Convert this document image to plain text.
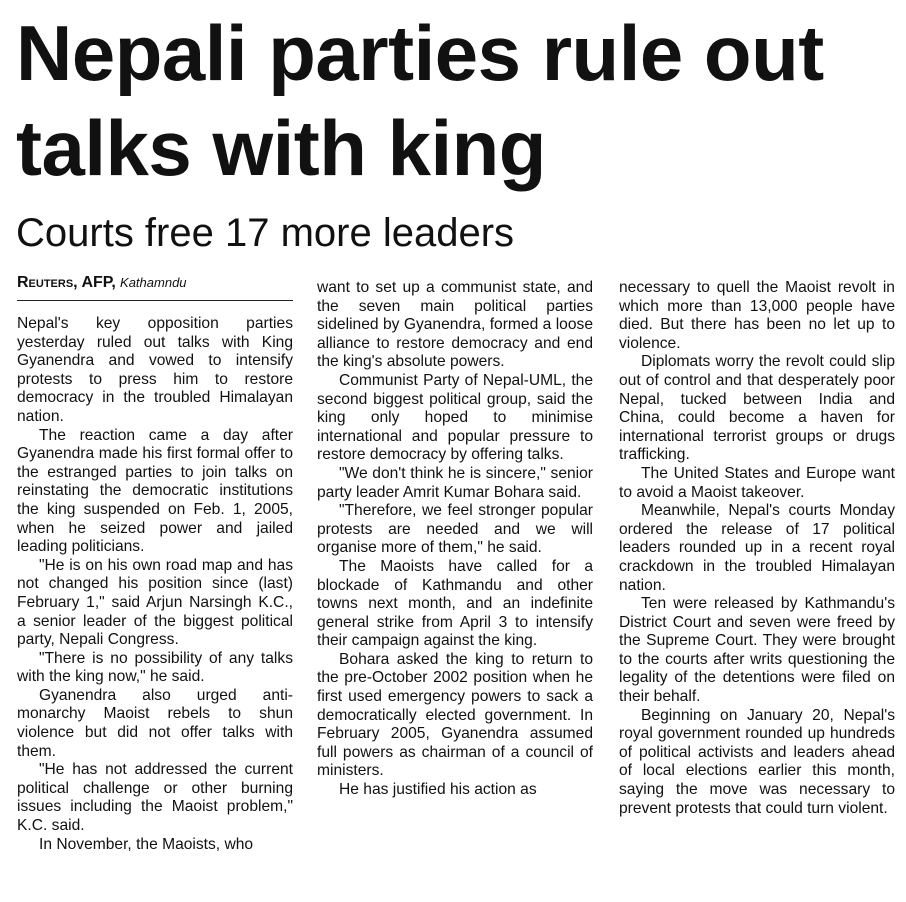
Nepali parties rule out talks with king
Courts free 17 more leaders
Reuters, AFP, Kathamndu

Nepal's key opposition parties yesterday ruled out talks with King Gyanendra and vowed to intensify protests to press him to restore democracy in the troubled Himalayan nation.

The reaction came a day after Gyanendra made his first formal offer to the estranged parties to join talks on reinstating the democratic institutions the king suspended on Feb. 1, 2005, when he seized power and jailed leading politicians.

"He is on his own road map and has not changed his position since (last) February 1," said Arjun Narsingh K.C., a senior leader of the biggest political party, Nepali Congress.

"There is no possibility of any talks with the king now," he said.

Gyanendra also urged anti-monarchy Maoist rebels to shun violence but did not offer talks with them.

"He has not addressed the current political challenge or other burning issues including the Maoist problem," K.C. said.

In November, the Maoists, who

want to set up a communist state, and the seven main political parties sidelined by Gyanendra, formed a loose alliance to restore democracy and end the king's absolute powers.

Communist Party of Nepal-UML, the second biggest political group, said the king only hoped to minimise international and popular pressure to restore democracy by offering talks.

"We don't think he is sincere," senior party leader Amrit Kumar Bohara said.

"Therefore, we feel stronger popular protests are needed and we will organise more of them," he said.

The Maoists have called for a blockade of Kathmandu and other towns next month, and an indefinite general strike from April 3 to intensify their campaign against the king.

Bohara asked the king to return to the pre-October 2002 position when he first used emergency powers to sack a democratically elected government. In February 2005, Gyanendra assumed full powers as chairman of a council of ministers.

He has justified his action as

necessary to quell the Maoist revolt in which more than 13,000 people have died. But there has been no let up to violence.

Diplomats worry the revolt could slip out of control and that desperately poor Nepal, tucked between India and China, could become a haven for international terrorist groups or drugs trafficking.

The United States and Europe want to avoid a Maoist takeover.

Meanwhile, Nepal's courts Monday ordered the release of 17 political leaders rounded up in a recent royal crackdown in the troubled Himalayan nation.

Ten were released by Kathmandu's District Court and seven were freed by the Supreme Court. They were brought to the courts after writs questioning the legality of the detentions were filed on their behalf.

Beginning on January 20, Nepal's royal government rounded up hundreds of political activists and leaders ahead of local elections earlier this month, saying the move was necessary to prevent protests that could turn violent.
